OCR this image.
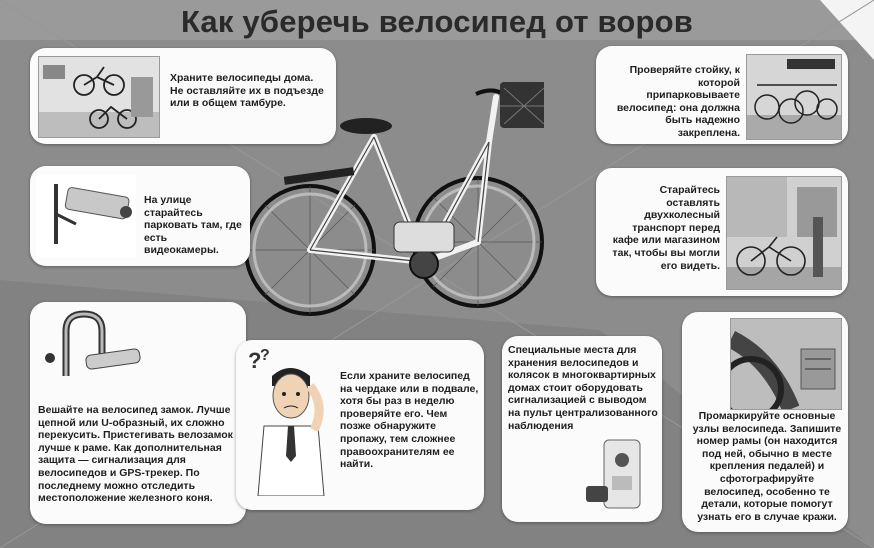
Как уберечь велосипед от воров
Храните велосипеды дома. Не оставляйте их в подъезде или в общем тамбуре.
Проверяйте стойку, к которой припарковываете велосипед: она должна быть надежно закреплена.
На улице старайтесь парковать там, где есть видеокамеры.
Старайтесь оставлять двухколесный транспорт перед кафе или магазином так, чтобы вы могли его видеть.
Вешайте на велосипед замок. Лучше цепной или U-образный, их сложно перекусить. Пристегивать велозамок лучше к раме. Как дополнительная защита — сигнализация для велосипедов и GPS-трекер. По последнему можно отследить местоположение железного коня.
?
?
Если храните велосипед на чердаке или в подвале, хотя бы раз в неделю проверяйте его. Чем позже обнаружите пропажу, тем сложнее правоохранителям ее найти.
Специальные места для хранения велосипедов и колясок в многоквартирных домах стоит оборудовать сигнализацией с выводом на пульт централизованного наблюдения
Промаркируйте основные узлы велосипеда. Запишите номер рамы (он находится под ней, обычно в месте крепления педалей) и сфотографируйте велосипед, особенно те детали, которые помогут узнать его в случае кражи.
